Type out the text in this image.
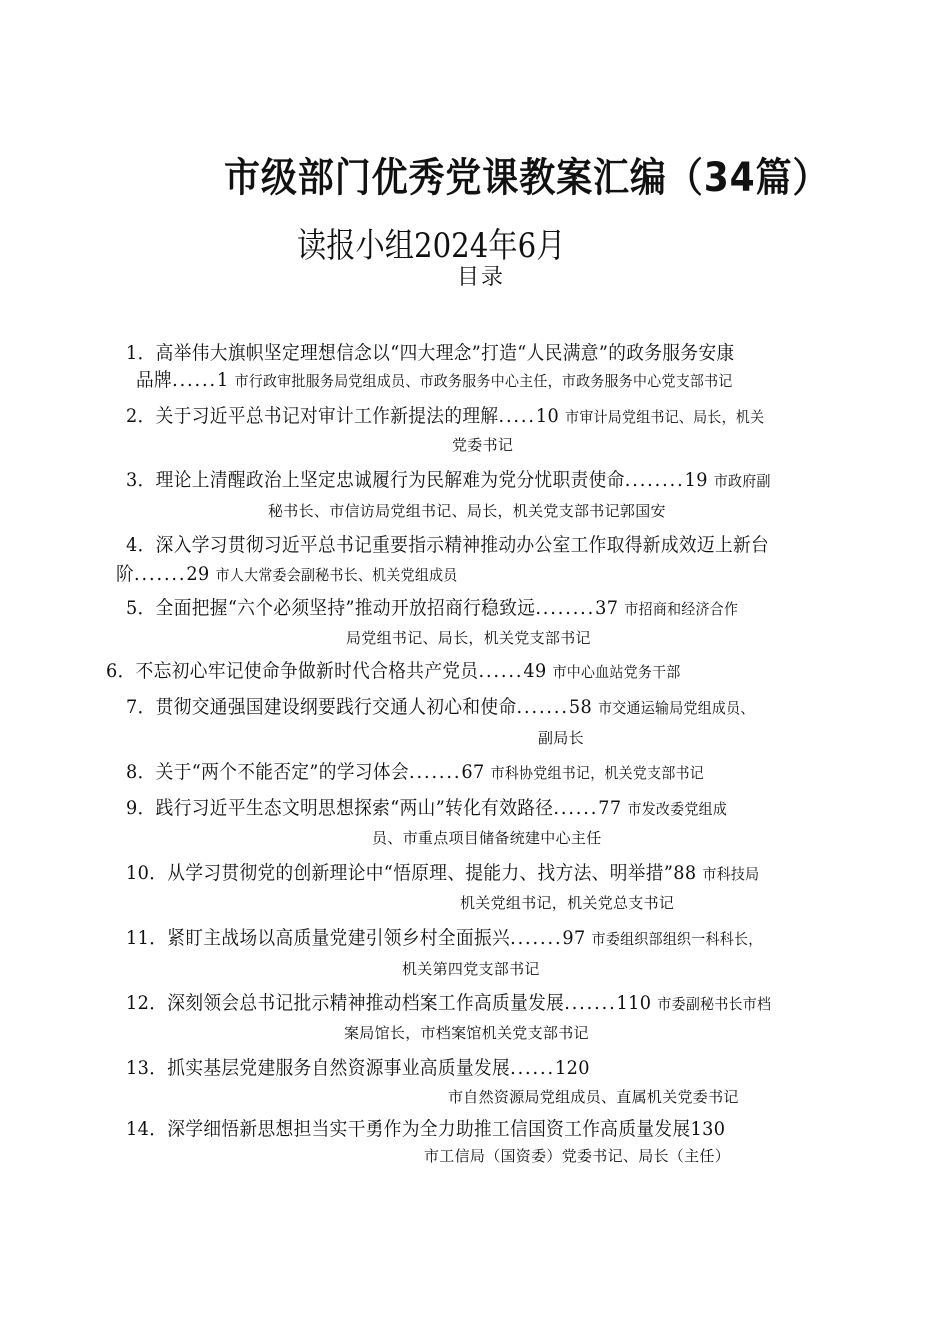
市级部门优秀党课教案汇编（34篇）
读报小组2024年6月
目录
1．高举伟大旗帜坚定理想信念以“四大理念”打造“人民满意”的政务服务安康
品牌......1 市行政审批服务局党组成员、市政务服务中心主任，市政务服务中心党支部书记
2．关于习近平总书记对审计工作新提法的理解.....10 市审计局党组书记、局长，机关
党委书记
3．理论上清醒政治上坚定忠诚履行为民解难为党分忧职责使命........19 市政府副
秘书长、市信访局党组书记、局长，机关党支部书记郭国安
4．深入学习贯彻习近平总书记重要指示精神推动办公室工作取得新成效迈上新台
阶.......29 市人大常委会副秘书长、机关党组成员
5．全面把握“六个必须坚持”推动开放招商行稳致远........37 市招商和经济合作
局党组书记、局长，机关党支部书记
6．不忘初心牢记使命争做新时代合格共产党员......49 市中心血站党务干部
7．贯彻交通强国建设纲要践行交通人初心和使命.......58 市交通运输局党组成员、
副局长
8．关于“两个不能否定”的学习体会.......67 市科协党组书记，机关党支部书记
9．践行习近平生态文明思想探索“两山”转化有效路径......77 市发改委党组成
员、市重点项目储备统建中心主任
10．从学习贯彻党的创新理论中“悟原理、提能力、找方法、明举措”88 市科技局
机关党组书记，机关党总支书记
11．紧盯主战场以高质量党建引领乡村全面振兴.......97 市委组织部组织一科科长，
机关第四党支部书记
12．深刻领会总书记批示精神推动档案工作高质量发展.......110 市委副秘书长市档
案局馆长，市档案馆机关党支部书记
13．抓实基层党建服务自然资源事业高质量发展......120
市自然资源局党组成员、直属机关党委书记
14．深学细悟新思想担当实干勇作为全力助推工信国资工作高质量发展130
市工信局（国资委）党委书记、局长（主任）
